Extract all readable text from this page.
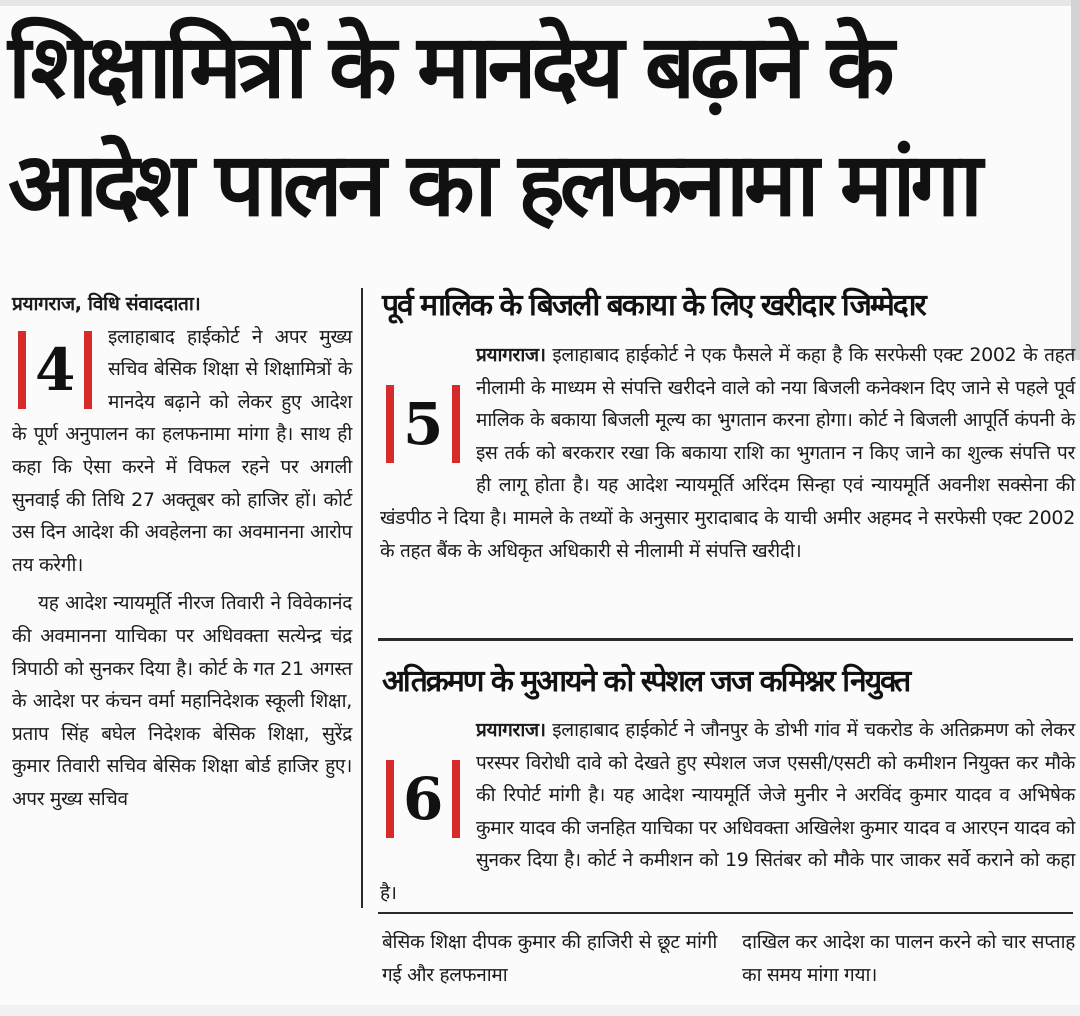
शिक्षामित्रों के मानदेय बढ़ाने के
आदेश पालन का हलफनामा मांगा
प्रयागराज, विधि संवाददाता।
4 इलाहाबाद हाईकोर्ट ने अपर मुख्य सचिव बेसिक शिक्षा से शिक्षामित्रों के मानदेय बढ़ाने को लेकर हुए आदेश के पूर्ण अनुपालन का हलफनामा मांगा है। साथ ही कहा कि ऐसा करने में विफल रहने पर अगली सुनवाई की तिथि 27 अक्तूबर को हाजिर हों। कोर्ट उस दिन आदेश की अवहेलना का अवमानना आरोप तय करेगी।
यह आदेश न्यायमूर्ति नीरज तिवारी ने विवेकानंद की अवमानना याचिका पर अधिवक्ता सत्येन्द्र चंद्र त्रिपाठी को सुनकर दिया है। कोर्ट के गत 21 अगस्त के आदेश पर कंचन वर्मा महानिदेशक स्कूली शिक्षा, प्रताप सिंह बघेल निदेशक बेसिक शिक्षा, सुरेंद्र कुमार तिवारी सचिव बेसिक शिक्षा बोर्ड हाजिर हुए। अपर मुख्य सचिव
पूर्व मालिक के बिजली बकाया के लिए खरीदार जिम्मेदार
5
प्रयागराज। इलाहाबाद हाईकोर्ट ने एक फैसले में कहा है कि सरफेसी एक्ट 2002 के तहत नीलामी के माध्यम से संपत्ति खरीदने वाले को नया बिजली कनेक्शन दिए जाने से पहले पूर्व मालिक के बकाया बिजली मूल्य का भुगतान करना होगा। कोर्ट ने बिजली आपूर्ति कंपनी के इस तर्क को बरकरार रखा कि बकाया राशि का भुगतान न किए जाने का शुल्क संपत्ति पर ही लागू होता है। यह आदेश न्यायमूर्ति अरिंदम सिन्हा एवं न्यायमूर्ति अवनीश सक्सेना की खंडपीठ ने दिया है। मामले के तथ्यों के अनुसार मुरादाबाद के याची अमीर अहमद ने सरफेसी एक्ट 2002 के तहत बैंक के अधिकृत अधिकारी से नीलामी में संपत्ति खरीदी।
अतिक्रमण के मुआयने को स्पेशल जज कमिश्नर नियुक्त
6
प्रयागराज। इलाहाबाद हाईकोर्ट ने जौनपुर के डोभी गांव में चकरोड के अतिक्रमण को लेकर परस्पर विरोधी दावे को देखते हुए स्पेशल जज एससी/एसटी को कमीशन नियुक्त कर मौके की रिपोर्ट मांगी है। यह आदेश न्यायमूर्ति जेजे मुनीर ने अरविंद कुमार यादव व अभिषेक कुमार यादव की जनहित याचिका पर अधिवक्ता अखिलेश कुमार यादव व आरएन यादव को सुनकर दिया है। कोर्ट ने कमीशन को 19 सितंबर को मौके पार जाकर सर्वे कराने को कहा है।
बेसिक शिक्षा दीपक कुमार की हाजिरी से छूट मांगी गई और हलफनामा
दाखिल कर आदेश का पालन करने को चार सप्ताह का समय मांगा गया।
